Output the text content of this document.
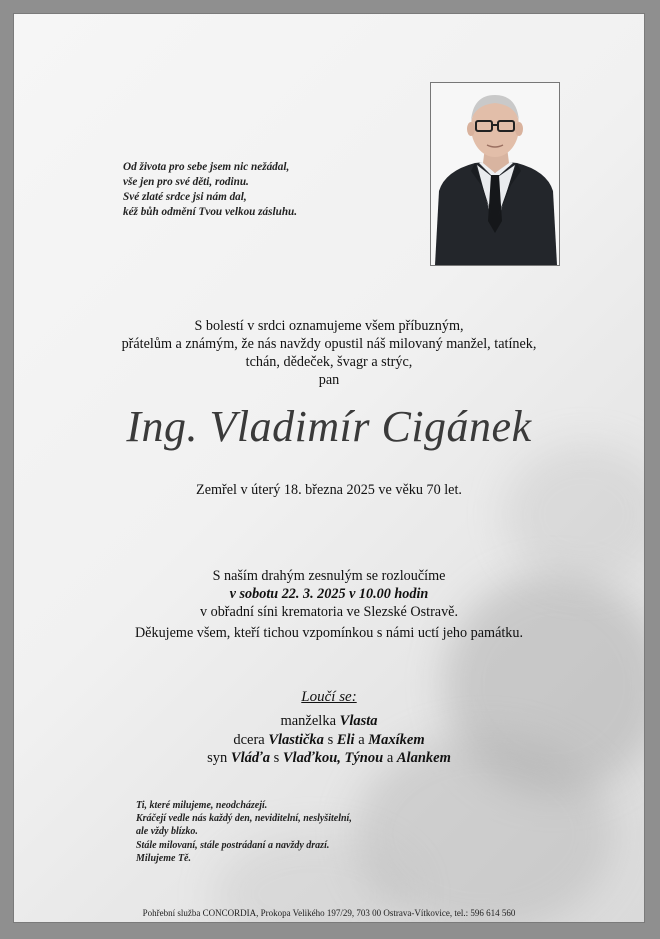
Od života pro sebe jsem nic nežádal,
vše jen pro své děti, rodinu.
Své zlaté srdce jsi nám dal,
kéž bůh odmění Tvou velkou zásluhu.
S bolestí v srdci oznamujeme všem příbuzným,
přátelům a známým, že nás navždy opustil náš milovaný manžel, tatínek,
tchán, dědeček, švagr a strýc,
pan
Ing. Vladimír Cigánek
Zemřel v úterý 18. března 2025 ve věku 70 let.
S naším drahým zesnulým se rozloučíme
v sobotu 22. 3. 2025 v 10.00 hodin
v obřadní síni krematoria ve Slezské Ostravě.
Děkujeme všem, kteří tichou vzpomínkou s námi uctí jeho památku.
Loučí se:
manželka Vlasta
dcera Vlastička s Eli a Maxíkem
syn Vláďa s Vlaďkou, Týnou a Alankem
Ti, které milujeme, neodcházejí.
Kráčejí vedle nás každý den, neviditelní, neslyšitelní,
ale vždy blízko.
Stále milovaní, stále postrádaní a navždy drazí.
Milujeme Tě.
Pohřební služba CONCORDIA, Prokopa Velikého 197/29, 703 00 Ostrava-Vítkovice, tel.: 596 614 560
